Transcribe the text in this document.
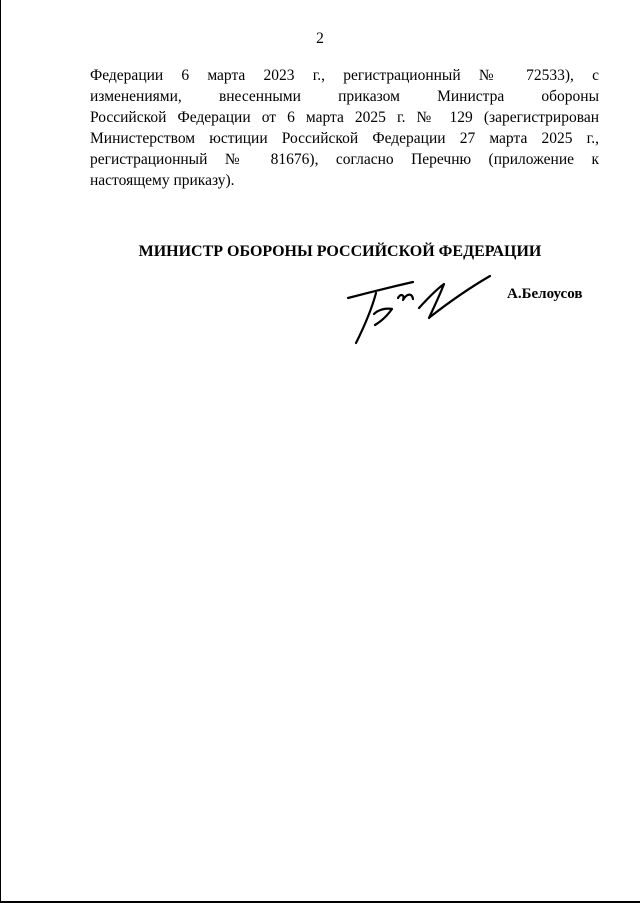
2
Федерации 6 марта 2023 г., регистрационный № 72533), с
изменениями, внесенными приказом Министра обороны
Российской Федерации от 6 марта 2025 г. № 129 (зарегистрирован
Министерством юстиции Российской Федерации 27 марта 2025 г.,
регистрационный № 81676), согласно Перечню (приложение к
настоящему приказу).
МИНИСТР ОБОРОНЫ РОССИЙСКОЙ ФЕДЕРАЦИИ
А.Белоусов
